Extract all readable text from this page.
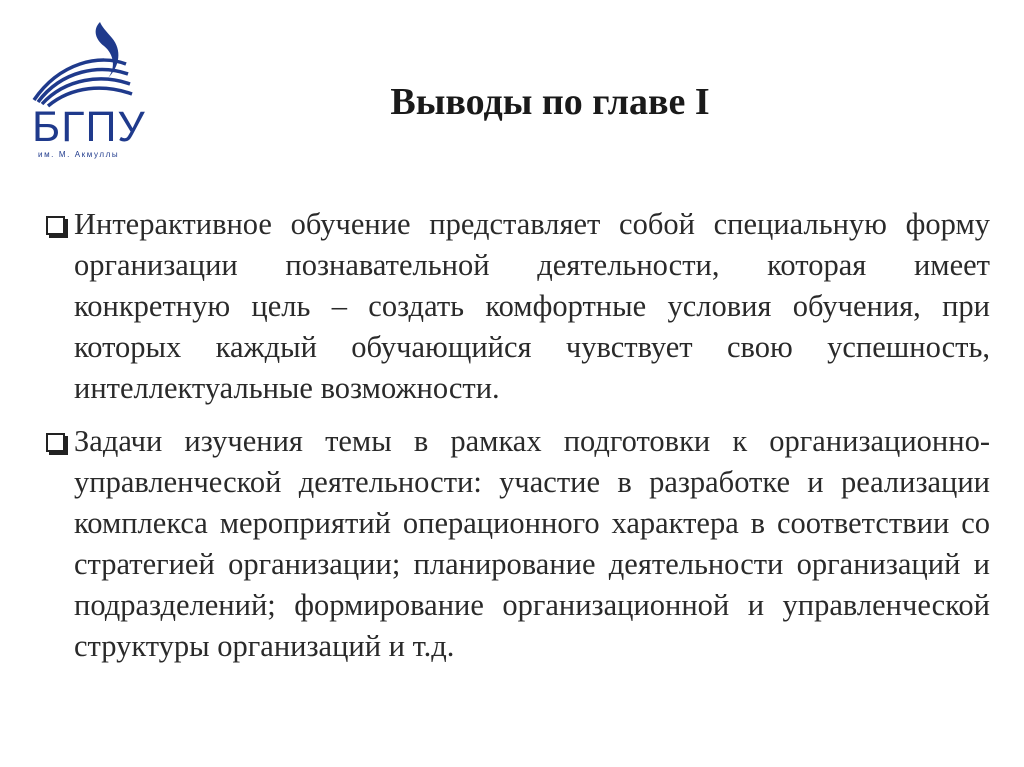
БГПУ
им. М. Акмуллы
Выводы по главе I
Интерактивное обучение представляет собой специальную форму организации познавательной деятельности, которая имеет конкретную цель – создать комфортные условия обучения, при которых каждый обучающийся чувствует свою успешность, интеллектуальные возможности.
Задачи изучения темы в рамках подготовки к организационно-управленческой деятельности: участие в разработке и реализации комплекса мероприятий операционного характера в соответствии со стратегией организации; планирование деятельности организаций и подразделений; формирование организационной и управленческой структуры организаций и т.д.
